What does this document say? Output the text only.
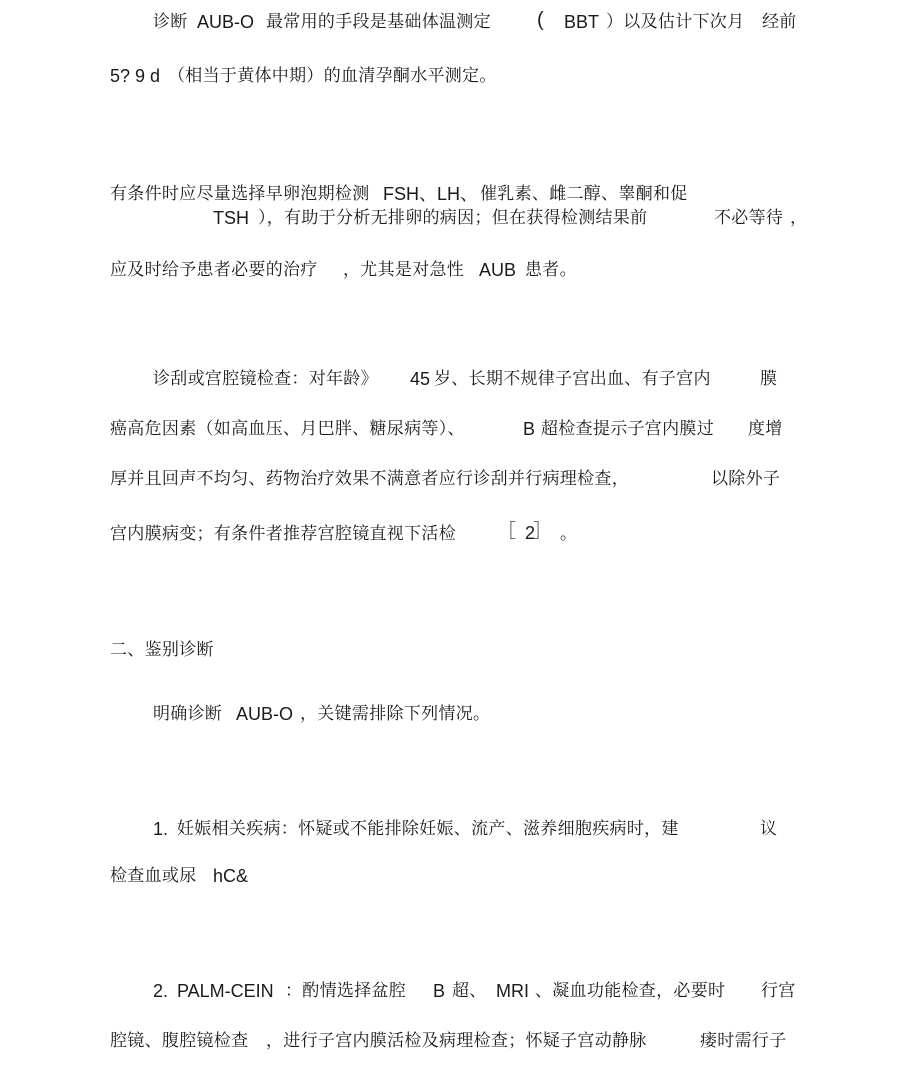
诊断 AUB-O 最常用的手段是基础体温测定 ( BBT ）以及估计下次月 经前
5? 9 d （相当于黄体中期）的血清孕酮水平测定。
有条件时应尽量选择早卵泡期检测 FSH、LH、 催乳素、雌二醇、睾酮和促
TSH ），有助于分析无排卵的病因；但在获得检测结果前	不必等待 ，
应及时给予患者必要的治疗 ，尤其是对急性 AUB 患者。
诊刮或宫腔镜检查：对年龄》 45 岁、长期不规律子宫出血、有子宫内	膜
癌高危因素（如高血压、月巴胖、糖尿病等）、	B 超检查提示子宫内膜过 度增
厚并且回声不均匀、药物治疗效果不满意者应行诊刮并行病理检查，	以除外子
宫内膜病变；有条件者推荐宫腔镜直视下活检 ［ 2
］ 。
二、鉴别诊断
明确诊断 AUB-O ，关键需排除下列情况。
1. 妊娠相关疾病：怀疑或不能排除妊娠、流产、滋养细胞疾病时，建	议
检查血或尿 hC&
2. PALM-CEIN ：酌情选择盆腔 B 超、 MRI 、凝血功能检查，必要时 行宫
腔镜、腹腔镜检查 ，进行子宫内膜活检及病理检查；怀疑子宫动静脉	瘘时需行子
